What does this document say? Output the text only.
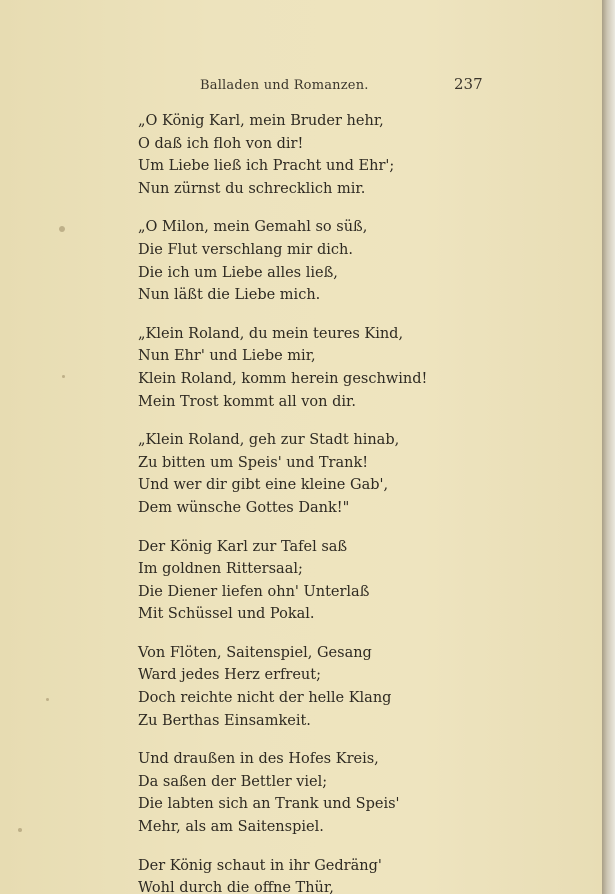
Balladen und Romanzen.	237
„O König Karl, mein Bruder hehr,
O daß ich floh von dir!
Um Liebe ließ ich Pracht und Ehr';
Nun zürnst du schrecklich mir.
„O Milon, mein Gemahl so süß,
Die Flut verschlang mir dich.
Die ich um Liebe alles ließ,
Nun läßt die Liebe mich.
„Klein Roland, du mein teures Kind,
Nun Ehr' und Liebe mir,
Klein Roland, komm herein geschwind!
Mein Trost kommt all von dir.
„Klein Roland, geh zur Stadt hinab,
Zu bitten um Speis' und Trank!
Und wer dir gibt eine kleine Gab',
Dem wünsche Gottes Dank!"
Der König Karl zur Tafel saß
Im goldnen Rittersaal;
Die Diener liefen ohn' Unterlaß
Mit Schüssel und Pokal.
Von Flöten, Saitenspiel, Gesang
Ward jedes Herz erfreut;
Doch reichte nicht der helle Klang
Zu Berthas Einsamkeit.
Und draußen in des Hofes Kreis,
Da saßen der Bettler viel;
Die labten sich an Trank und Speis'
Mehr, als am Saitenspiel.
Der König schaut in ihr Gedräng'
Wohl durch die offne Thür,
